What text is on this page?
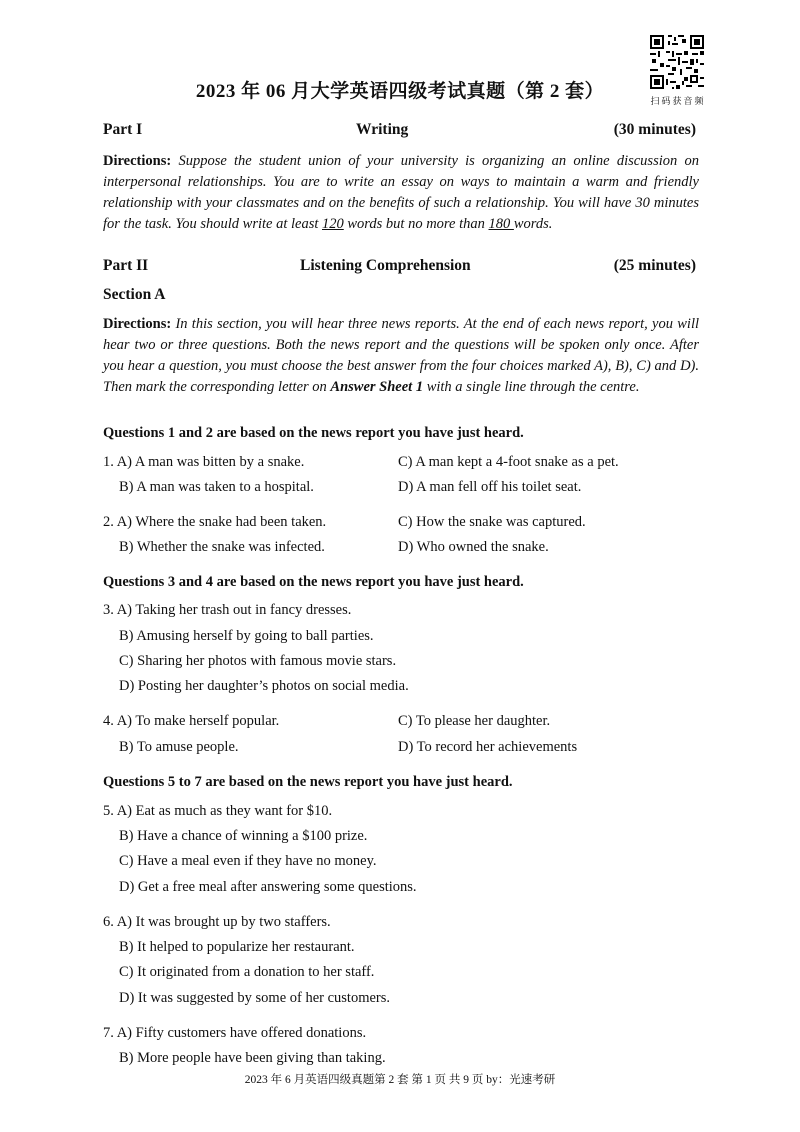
2023 年 06 月大学英语四级考试真题（第 2 套）	扫码获音频
Part I	Writing	(30 minutes)
Directions: Suppose the student union of your university is organizing an online discussion on interpersonal relationships. You are to write an essay on ways to maintain a warm and friendly relationship with your classmates and on the benefits of such a relationship. You will have 30 minutes for the task. You should write at least 120 words but no more than 180 words.
Part II	Listening Comprehension	(25 minutes)
Section A
Directions: In this section, you will hear three news reports. At the end of each news report, you will hear two or three questions. Both the news report and the questions will be spoken only once. After you hear a question, you must choose the best answer from the four choices marked A), B), C) and D). Then mark the corresponding letter on Answer Sheet 1 with a single line through the centre.
Questions 1 and 2 are based on the news report you have just heard.
1. A) A man was bitten by a snake.	C) A man kept a 4-foot snake as a pet.
B) A man was taken to a hospital.	D) A man fell off his toilet seat.
2. A) Where the snake had been taken.	C) How the snake was captured.
B) Whether the snake was infected.	D) Who owned the snake.
Questions 3 and 4 are based on the news report you have just heard.
3. A) Taking her trash out in fancy dresses.
B) Amusing herself by going to ball parties.
C) Sharing her photos with famous movie stars.
D) Posting her daughter’s photos on social media.
4. A) To make herself popular.	C) To please her daughter.
B) To amuse people.	D) To record her achievements
Questions 5 to 7 are based on the news report you have just heard.
5. A) Eat as much as they want for $10.
B) Have a chance of winning a $100 prize.
C) Have a meal even if they have no money.
D) Get a free meal after answering some questions.
6. A) It was brought up by two staffers.
B) It helped to popularize her restaurant.
C) It originated from a donation to her staff.
D) It was suggested by some of her customers.
7. A) Fifty customers have offered donations.
B) More people have been giving than taking.
2023 年 6 月英语四级真题第 2 套 第 1 页 共 9 页 by：光速考研
